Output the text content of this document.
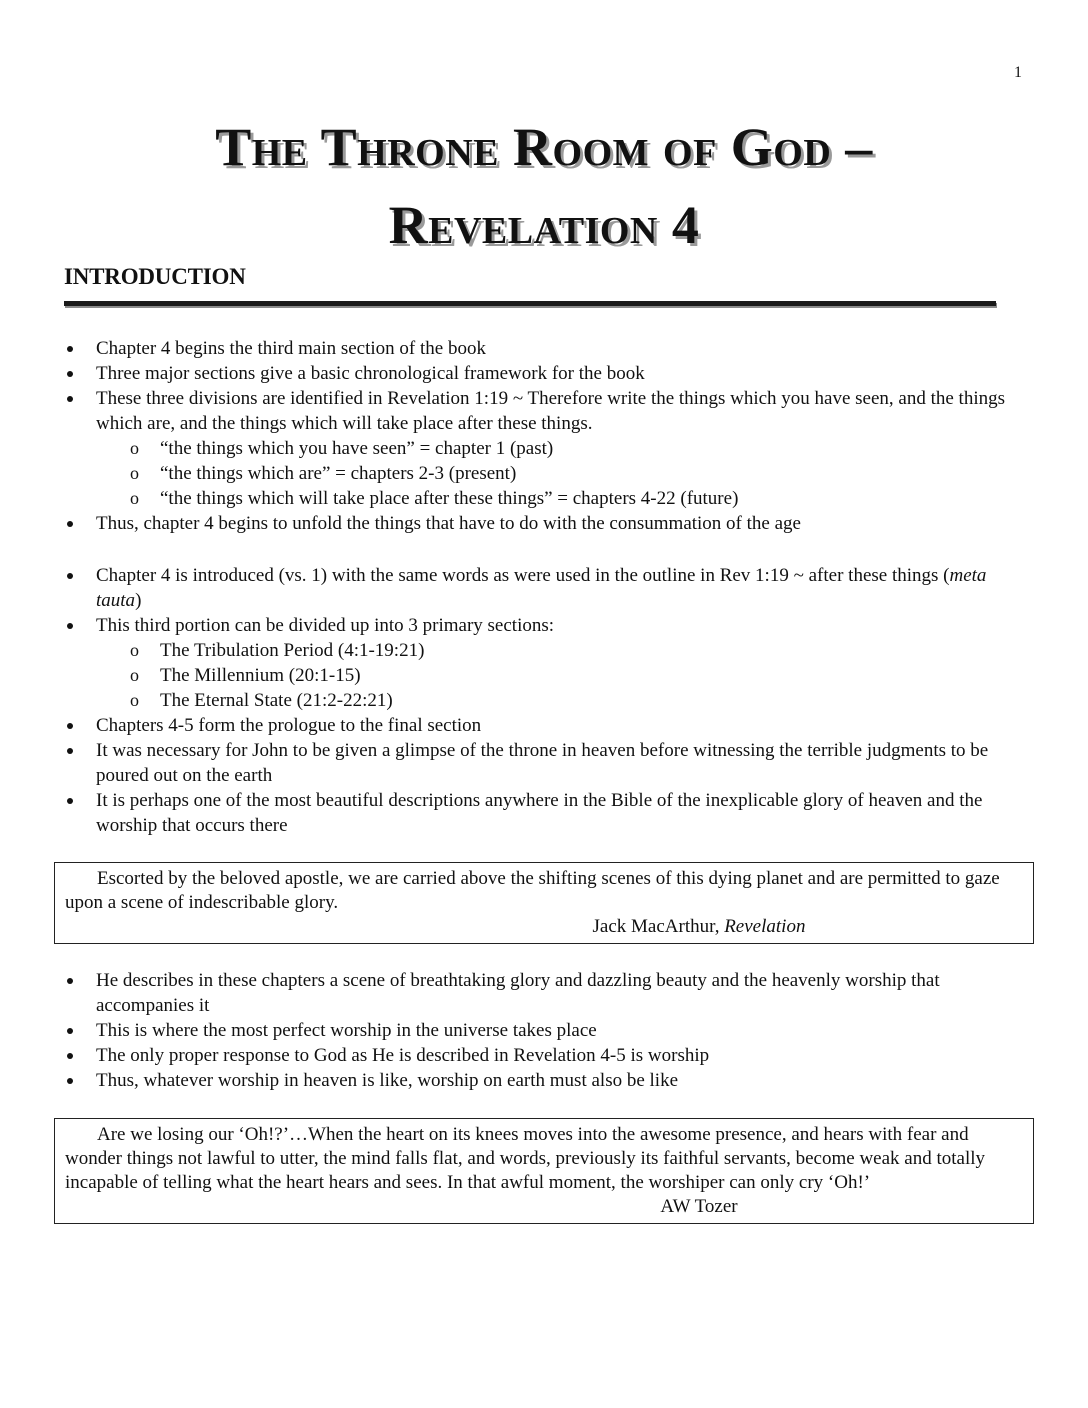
1
The Throne Room of God –
Revelation 4
INTRODUCTION
Chapter 4 begins the third main section of the book
Three major sections give a basic chronological framework for the book
These three divisions are identified in Revelation 1:19 ~ Therefore write the things which you have seen, and the things which are, and the things which will take place after these things.
o “the things which you have seen” = chapter 1 (past)
o “the things which are” = chapters 2-3 (present)
o “the things which will take place after these things” = chapters 4-22 (future)
Thus, chapter 4 begins to unfold the things that have to do with the consummation of the age
Chapter 4 is introduced (vs. 1) with the same words as were used in the outline in Rev 1:19 ~ after these things (meta tauta)
This third portion can be divided up into 3 primary sections:
o The Tribulation Period (4:1-19:21)
o The Millennium (20:1-15)
o The Eternal State (21:2-22:21)
Chapters 4-5 form the prologue to the final section
It was necessary for John to be given a glimpse of the throne in heaven before witnessing the terrible judgments to be poured out on the earth
It is perhaps one of the most beautiful descriptions anywhere in the Bible of the inexplicable glory of heaven and the worship that occurs there
Escorted by the beloved apostle, we are carried above the shifting scenes of this dying planet and are permitted to gaze upon a scene of indescribable glory.
Jack MacArthur, Revelation
He describes in these chapters a scene of breathtaking glory and dazzling beauty and the heavenly worship that accompanies it
This is where the most perfect worship in the universe takes place
The only proper response to God as He is described in Revelation 4-5 is worship
Thus, whatever worship in heaven is like, worship on earth must also be like
Are we losing our ‘Oh!?’…When the heart on its knees moves into the awesome presence, and hears with fear and wonder things not lawful to utter, the mind falls flat, and words, previously its faithful servants, become weak and totally incapable of telling what the heart hears and sees. In that awful moment, the worshiper can only cry ‘Oh!’
AW Tozer
